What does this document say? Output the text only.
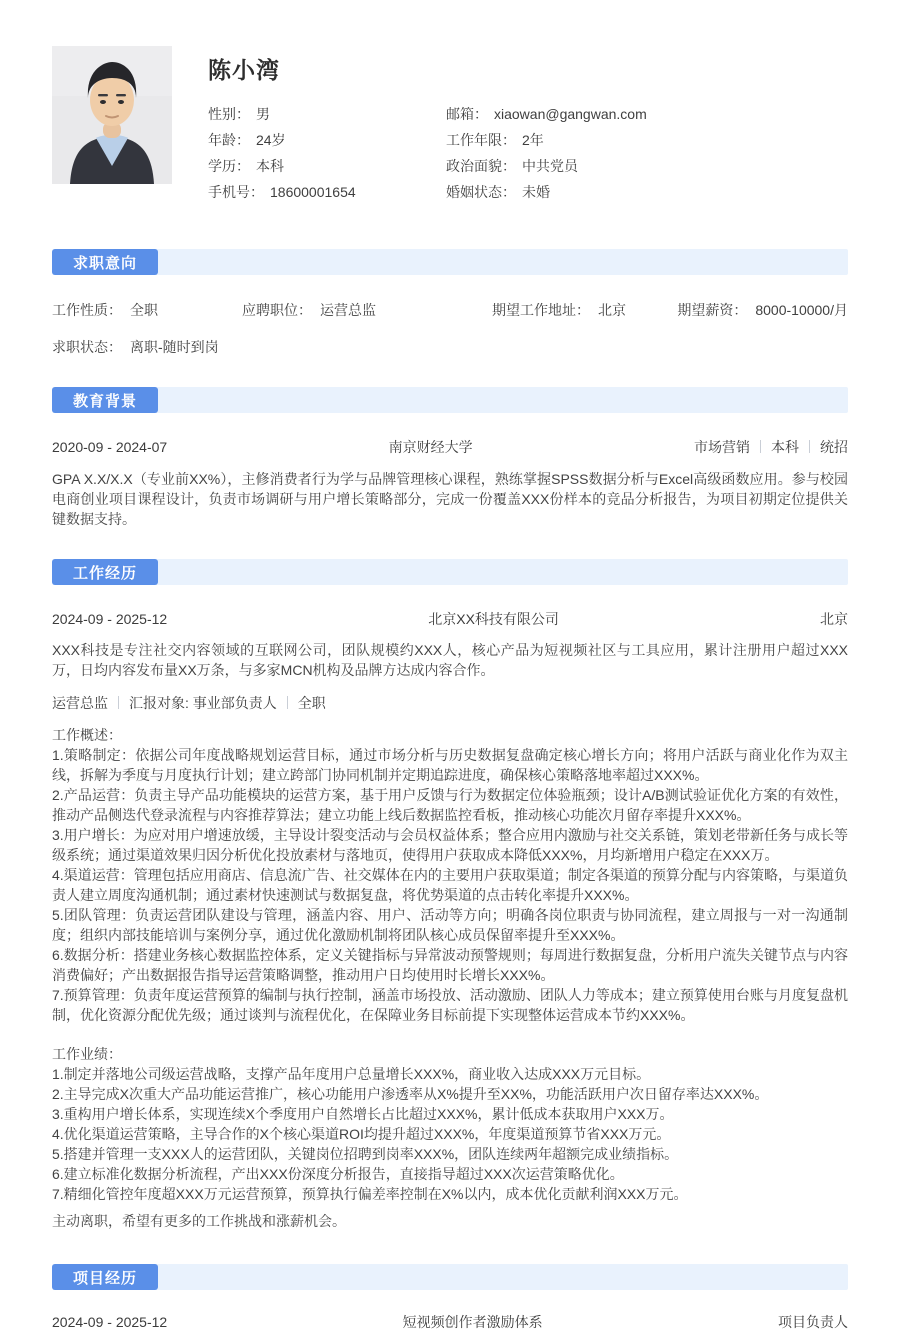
陈小湾
性别： 男
年龄： 24岁
学历： 本科
手机号： 18600001654
邮箱： xiaowan@gangwan.com
工作年限： 2年
政治面貌： 中共党员
婚姻状态： 未婚
求职意向
工作性质： 全职	应聘职位： 运营总监	期望工作地址： 北京	期望薪资： 8000-10000/月
求职状态： 离职-随时到岗
教育背景
2020-09 - 2024-07	南京财经大学	市场营销 本科 统招
GPA X.X/X.X（专业前XX%），主修消费者行为学与品牌管理核心课程，熟练掌握SPSS数据分析与Excel高级函数应用。参与校园电商创业项目课程设计，负责市场调研与用户增长策略部分，完成一份覆盖XXX份样本的竞品分析报告，为项目初期定位提供关键数据支持。
工作经历
2024-09 - 2025-12	北京XX科技有限公司	北京
XXX科技是专注社交内容领域的互联网公司，团队规模约XXX人，核心产品为短视频社区与工具应用，累计注册用户超过XXX万，日均内容发布量XX万条，与多家MCN机构及品牌方达成内容合作。
运营总监 汇报对象: 事业部负责人 全职
工作概述：
1.策略制定：依据公司年度战略规划运营目标，通过市场分析与历史数据复盘确定核心增长方向；将用户活跃与商业化作为双主线，拆解为季度与月度执行计划；建立跨部门协同机制并定期追踪进度，确保核心策略落地率超过XXX%。
2.产品运营：负责主导产品功能模块的运营方案，基于用户反馈与行为数据定位体验瓶颈；设计A/B测试验证优化方案的有效性，推动产品侧迭代登录流程与内容推荐算法；建立功能上线后数据监控看板，推动核心功能次月留存率提升XXX%。
3.用户增长：为应对用户增速放缓，主导设计裂变活动与会员权益体系；整合应用内激励与社交关系链，策划老带新任务与成长等级系统；通过渠道效果归因分析优化投放素材与落地页，使得用户获取成本降低XXX%，月均新增用户稳定在XXX万。
4.渠道运营：管理包括应用商店、信息流广告、社交媒体在内的主要用户获取渠道；制定各渠道的预算分配与内容策略，与渠道负责人建立周度沟通机制；通过素材快速测试与数据复盘，将优势渠道的点击转化率提升XXX%。
5.团队管理：负责运营团队建设与管理，涵盖内容、用户、活动等方向；明确各岗位职责与协同流程，建立周报与一对一沟通制度；组织内部技能培训与案例分享，通过优化激励机制将团队核心成员保留率提升至XXX%。
6.数据分析：搭建业务核心数据监控体系，定义关键指标与异常波动预警规则；每周进行数据复盘，分析用户流失关键节点与内容消费偏好；产出数据报告指导运营策略调整，推动用户日均使用时长增长XXX%。
7.预算管理：负责年度运营预算的编制与执行控制，涵盖市场投放、活动激励、团队人力等成本；建立预算使用台账与月度复盘机制，优化资源分配优先级；通过谈判与流程优化，在保障业务目标前提下实现整体运营成本节约XXX%。
工作业绩：
1.制定并落地公司级运营战略，支撑产品年度用户总量增长XXX%，商业收入达成XXX万元目标。
2.主导完成X次重大产品功能运营推广，核心功能用户渗透率从X%提升至XX%，功能活跃用户次日留存率达XXX%。
3.重构用户增长体系，实现连续X个季度用户自然增长占比超过XXX%，累计低成本获取用户XXX万。
4.优化渠道运营策略，主导合作的X个核心渠道ROI均提升超过XXX%，年度渠道预算节省XXX万元。
5.搭建并管理一支XXX人的运营团队，关键岗位招聘到岗率XXX%，团队连续两年超额完成业绩指标。
6.建立标准化数据分析流程，产出XXX份深度分析报告，直接指导超过XXX次运营策略优化。
7.精细化管控年度超XXX万元运营预算，预算执行偏差率控制在X%以内，成本优化贡献利润XXX万元。
主动离职，希望有更多的工作挑战和涨薪机会。
项目经历
2024-09 - 2025-12	短视频创作者激励体系	项目负责人
